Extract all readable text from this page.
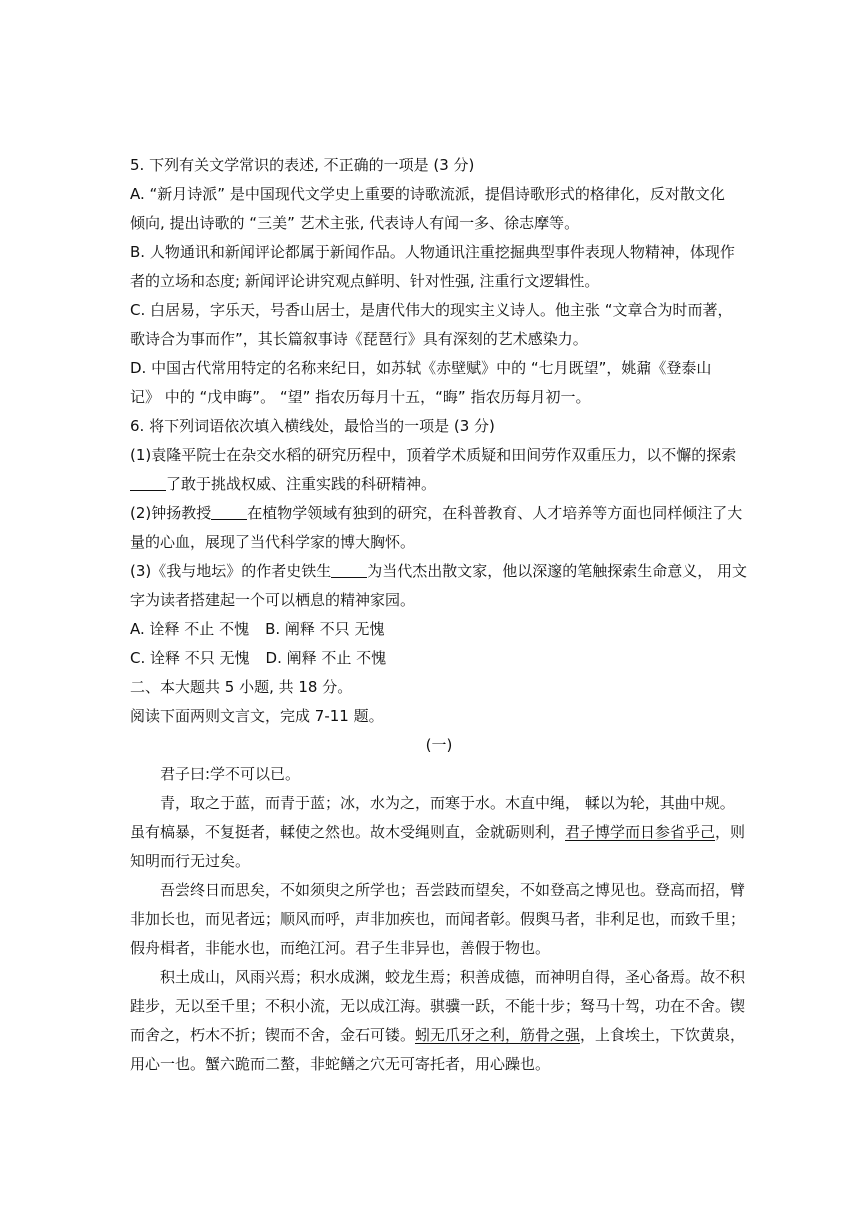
5. 下列有关文学常识的表述, 不正确的一项是 (3 分)
A. “新月诗派” 是中国现代文学史上重要的诗歌流派，提倡诗歌形式的格律化，反对散文化
倾向, 提出诗歌的 “三美” 艺术主张, 代表诗人有闻一多、徐志摩等。
B. 人物通讯和新闻评论都属于新闻作品。人物通讯注重挖掘典型事件表现人物精神，体现作
者的立场和态度; 新闻评论讲究观点鲜明、针对性强, 注重行文逻辑性。
C. 白居易，字乐天，号香山居士，是唐代伟大的现实主义诗人。他主张 “文章合为时而著，
歌诗合为事而作”，其长篇叙事诗《琵琶行》具有深刻的艺术感染力。
D. 中国古代常用特定的名称来纪日，如苏轼《赤壁赋》中的 “七月既望”，姚鼐《登泰山
记》 中的 “戊申晦”。 “望” 指农历每月十五，“晦” 指农历每月初一。
6. 将下列词语依次填入横线处，最恰当的一项是 (3 分)
(1)袁隆平院士在杂交水稻的研究历程中，顶着学术质疑和田间劳作双重压力，以不懈的探索
了敢于挑战权威、注重实践的科研精神。
(2)钟扬教授 在植物学领域有独到的研究，在科普教育、人才培养等方面也同样倾注了大
量的心血，展现了当代科学家的博大胸怀。
(3)《我与地坛》的作者史铁生 为当代杰出散文家，他以深邃的笔触探索生命意义， 用文
字为读者搭建起一个可以栖息的精神家园。
A. 诠释 不止 不愧 B. 阐释 不只 无愧
C. 诠释 不只 无愧 D. 阐释 不止 不愧
二、本大题共 5 小题, 共 18 分。
阅读下面两则文言文，完成 7-11 题。
(一)
君子曰:学不可以已。
青，取之于蓝，而青于蓝；冰，水为之，而寒于水。木直中绳， 輮以为轮，其曲中规。
虽有槁暴，不复挺者，輮使之然也。故木受绳则直，金就砺则利，君子博学而日参省乎己，则
知明而行无过矣。
吾尝终日而思矣，不如须臾之所学也；吾尝跂而望矣，不如登高之博见也。登高而招，臂
非加长也，而见者远；顺风而呼，声非加疾也，而闻者彰。假舆马者，非利足也，而致千里；
假舟楫者，非能水也，而绝江河。君子生非异也，善假于物也。
积土成山，风雨兴焉；积水成渊，蛟龙生焉；积善成德，而神明自得，圣心备焉。故不积
跬步，无以至千里；不积小流，无以成江海。骐骥一跃，不能十步；驽马十驾，功在不舍。锲
而舍之，朽木不折；锲而不舍，金石可镂。蚓无爪牙之利，筋骨之强，上食埃土，下饮黄泉，
用心一也。蟹六跪而二螯，非蛇鳝之穴无可寄托者，用心躁也。
